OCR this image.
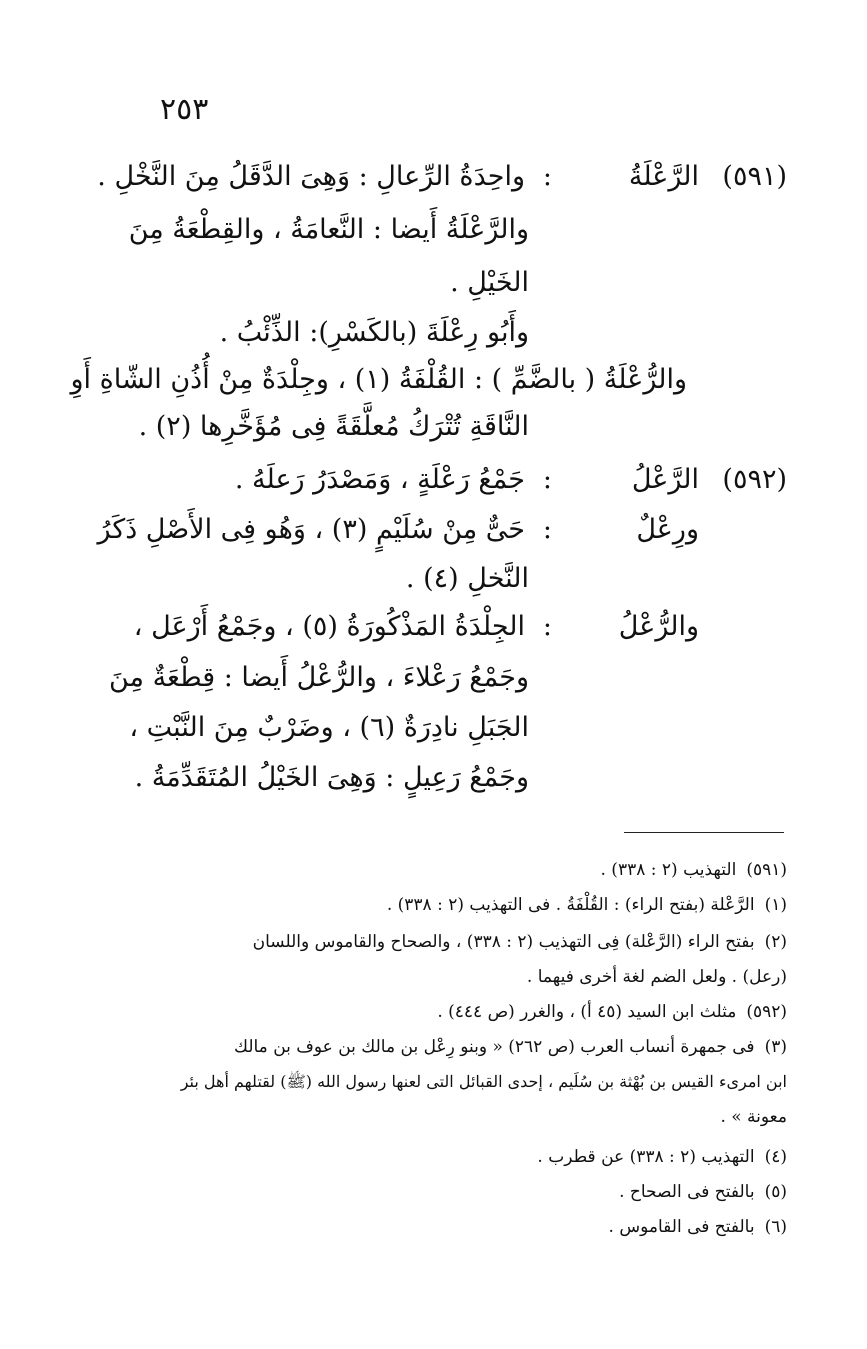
٢٥٣
(٥٩١)
الرَّعْلَةُ
:
واحِدَةُ الرِّعالِ : وَهِىَ الدَّقَلُ مِنَ النَّخْلِ .
والرَّعْلَةُ أَيضا : النَّعامَةُ ، والقِطْعَةُ مِنَ
الخَيْلِ .
وأَبُو رِعْلَةَ (بالكَسْرِ): الذِّئْبُ .
والرُّعْلَةُ ( بالضَّمِّ ) : القُلْفَةُ (١) ، وجِلْدَةٌ مِنْ أُذُنِ الشّاةِ أَوِ
النَّاقَةِ تُتْرَكُ مُعلَّقَةً فِى مُؤَخَّرِها (٢) .
(٥٩٢)
الرَّعْلُ
:
جَمْعُ رَعْلَةٍ ، وَمَصْدَرُ رَعلَهُ .
ورِعْلٌ
:
حَىٌّ مِنْ سُلَيْمٍ (٣) ، وَهُو فِى الأَصْلِ ذَكَرُ
النَّخلِ (٤) .
والرُّعْلُ
:
الجِلْدَةُ المَذْكُورَةُ (٥) ، وجَمْعُ أَرْعَل ،
وجَمْعُ رَعْلاءَ ، والرُّعْلُ أَيضا : قِطْعَةٌ مِنَ
الجَبَلِ نادِرَةٌ (٦) ، وضَرْبٌ مِنَ النَّبْتِ ،
وجَمْعُ رَعِيلٍ : وَهِىَ الخَيْلُ المُتَقَدِّمَةُ .
(٥٩١)التهذيب (٢ : ٣٣٨) .
(١)الرَّعْلة (بفتح الراء) : القُلْفَةُ . فى التهذيب (٢ : ٣٣٨) .
(٢)بفتح الراء (الرَّعْلة) فِى التهذيب (٢ : ٣٣٨) ، والصحاح والقاموس واللسان
(رعل) . ولعل الضم لغة أخرى فيهما .
(٥٩٢)مثلث ابن السيد (٤٥ أ) ، والغرر (ص ٤٤٤) .
(٣)فى جمهرة أنساب العرب (ص ٢٦٢) « وبنو رِعْل بن مالك بن عوف بن مالك
ابن امرىء القيس بن بُهْثة بن سُلَيم ، إحدى القبائل التى لعنها رسول الله (ﷺ) لقتلهم أهل بئر
معونة » .
(٤)التهذيب (٢ : ٣٣٨) عن قطرب .
(٥)بالفتح فى الصحاح .
(٦)بالفتح فى القاموس .
